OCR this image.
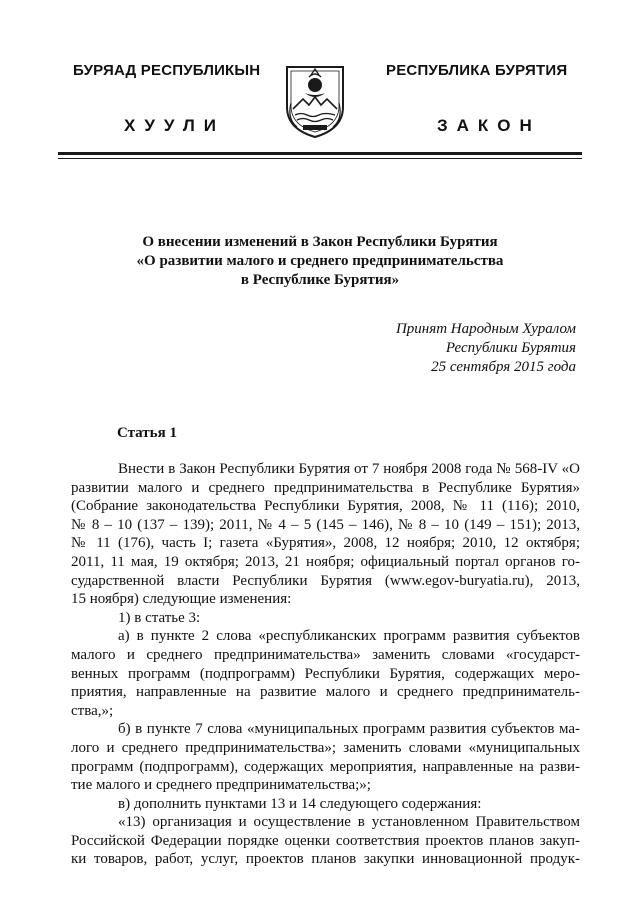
БУРЯАД РЕСПУБЛИКЫН	РЕСПУБЛИКА БУРЯТИЯ
ХУУЛИ	ЗАКОН
О внесении изменений в Закон Республики Бурятия
«О развитии малого и среднего предпринимательства
в Республике Бурятия»
Принят Народным Хуралом
Республики Бурятия
25 сентября 2015 года
Статья 1
Внести в Закон Республики Бурятия от 7 ноября 2008 года № 568-IV «О
развитии малого и среднего предпринимательства в Республике Бурятия»
(Собрание законодательства Республики Бурятия, 2008, № 11 (116); 2010,
№ 8 – 10 (137 – 139); 2011, № 4 – 5 (145 – 146), № 8 – 10 (149 – 151); 2013,
№ 11 (176), часть I; газета «Бурятия», 2008, 12 ноября; 2010, 12 октября;
2011, 11 мая, 19 октября; 2013, 21 ноября; официальный портал органов го-
сударственной власти Республики Бурятия (www.egov-buryatia.ru), 2013,
15 ноября) следующие изменения:
1) в статье 3:
а) в пункте 2 слова «республиканских программ развития субъектов
малого и среднего предпринимательства» заменить словами «государст-
венных программ (подпрограмм) Республики Бурятия, содержащих меро-
приятия, направленные на развитие малого и среднего предприниматель-
ства,»;
б) в пункте 7 слова «муниципальных программ развития субъектов ма-
лого и среднего предпринимательства»; заменить словами «муниципальных
программ (подпрограмм), содержащих мероприятия, направленные на разви-
тие малого и среднего предпринимательства;»;
в) дополнить пунктами 13 и 14 следующего содержания:
«13) организация и осуществление в установленном Правительством
Российской Федерации порядке оценки соответствия проектов планов закуп-
ки товаров, работ, услуг, проектов планов закупки инновационной продук-
